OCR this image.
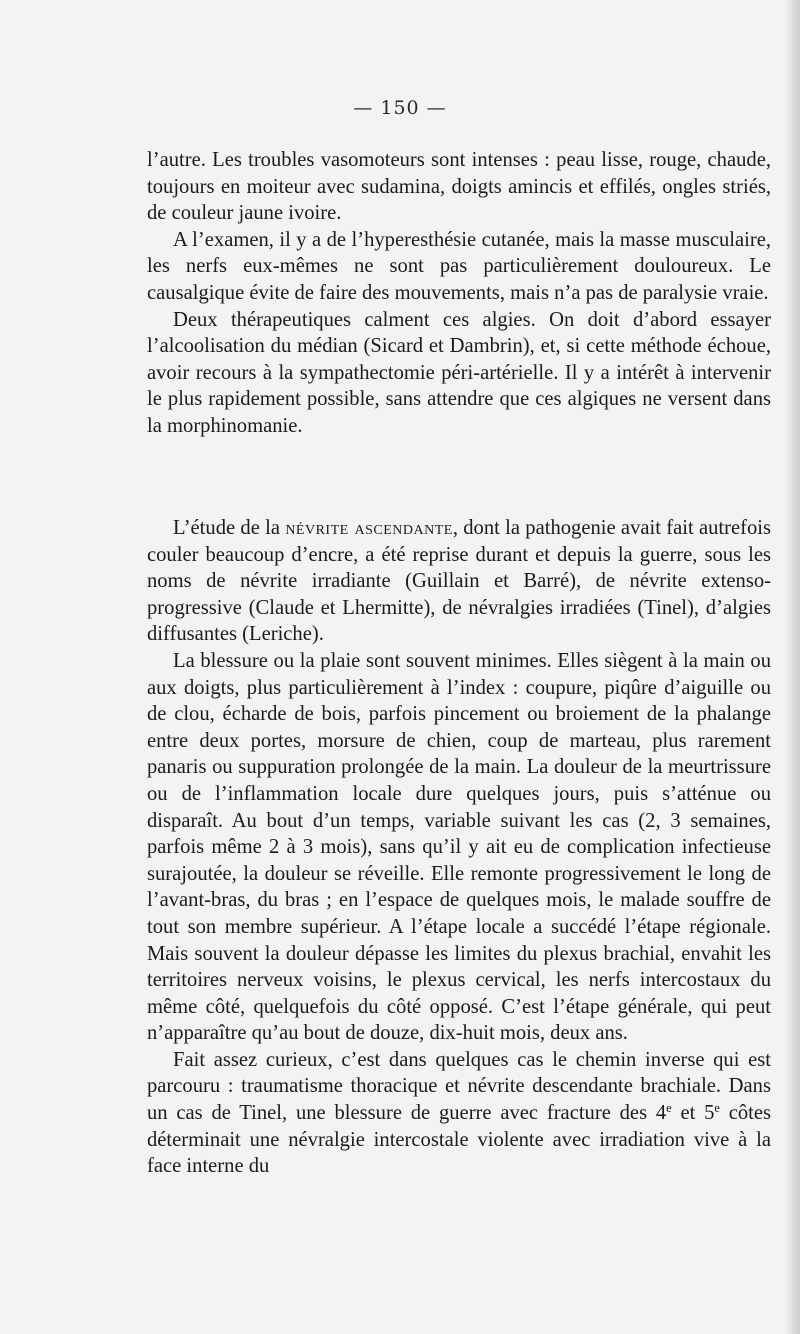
— 150 —

l’autre. Les troubles vasomoteurs sont intenses : peau lisse, rouge, chaude, toujours en moiteur avec sudamina, doigts amincis et effilés, ongles striés, de couleur jaune ivoire.

A l’examen, il y a de l’hyperesthésie cutanée, mais la masse musculaire, les nerfs eux-mêmes ne sont pas particulièrement douloureux. Le causalgique évite de faire des mouvements, mais n’a pas de paralysie vraie.

Deux thérapeutiques calment ces algies. On doit d’abord essayer l’alcoolisation du médian (Sicard et Dambrin), et, si cette méthode échoue, avoir recours à la sympathectomie péri-artérielle. Il y a intérêt à intervenir le plus rapidement possible, sans attendre que ces algiques ne versent dans la morphinomanie.

L’étude de la névrite ascendante, dont la pathogenie avait fait autrefois couler beaucoup d’encre, a été reprise durant et depuis la guerre, sous les noms de névrite irradiante (Guillain et Barré), de névrite extenso-progressive (Claude et Lhermitte), de névralgies irradiées (Tinel), d’algies diffusantes (Leriche).

La blessure ou la plaie sont souvent minimes. Elles siègent à la main ou aux doigts, plus particulièrement à l’index : coupure, piqûre d’aiguille ou de clou, écharde de bois, parfois pincement ou broiement de la phalange entre deux portes, morsure de chien, coup de marteau, plus rarement panaris ou suppuration prolongée de la main. La douleur de la meurtrissure ou de l’inflammation locale dure quelques jours, puis s’atténue ou disparaît. Au bout d’un temps, variable suivant les cas (2, 3 semaines, parfois même 2 à 3 mois), sans qu’il y ait eu de complication infectieuse surajoutée, la douleur se réveille. Elle remonte progressivement le long de l’avant-bras, du bras ; en l’espace de quelques mois, le malade souffre de tout son membre supérieur. A l’étape locale a succédé l’étape régionale. Mais souvent la douleur dépasse les limites du plexus brachial, envahit les territoires nerveux voisins, le plexus cervical, les nerfs intercostaux du même côté, quelquefois du côté opposé. C’est l’étape générale, qui peut n’apparaître qu’au bout de douze, dix-huit mois, deux ans.

Fait assez curieux, c’est dans quelques cas le chemin inverse qui est parcouru : traumatisme thoracique et névrite descendante brachiale. Dans un cas de Tinel, une blessure de guerre avec fracture des 4e et 5e côtes déterminait une névralgie intercostale violente avec irradiation vive à la face interne du
